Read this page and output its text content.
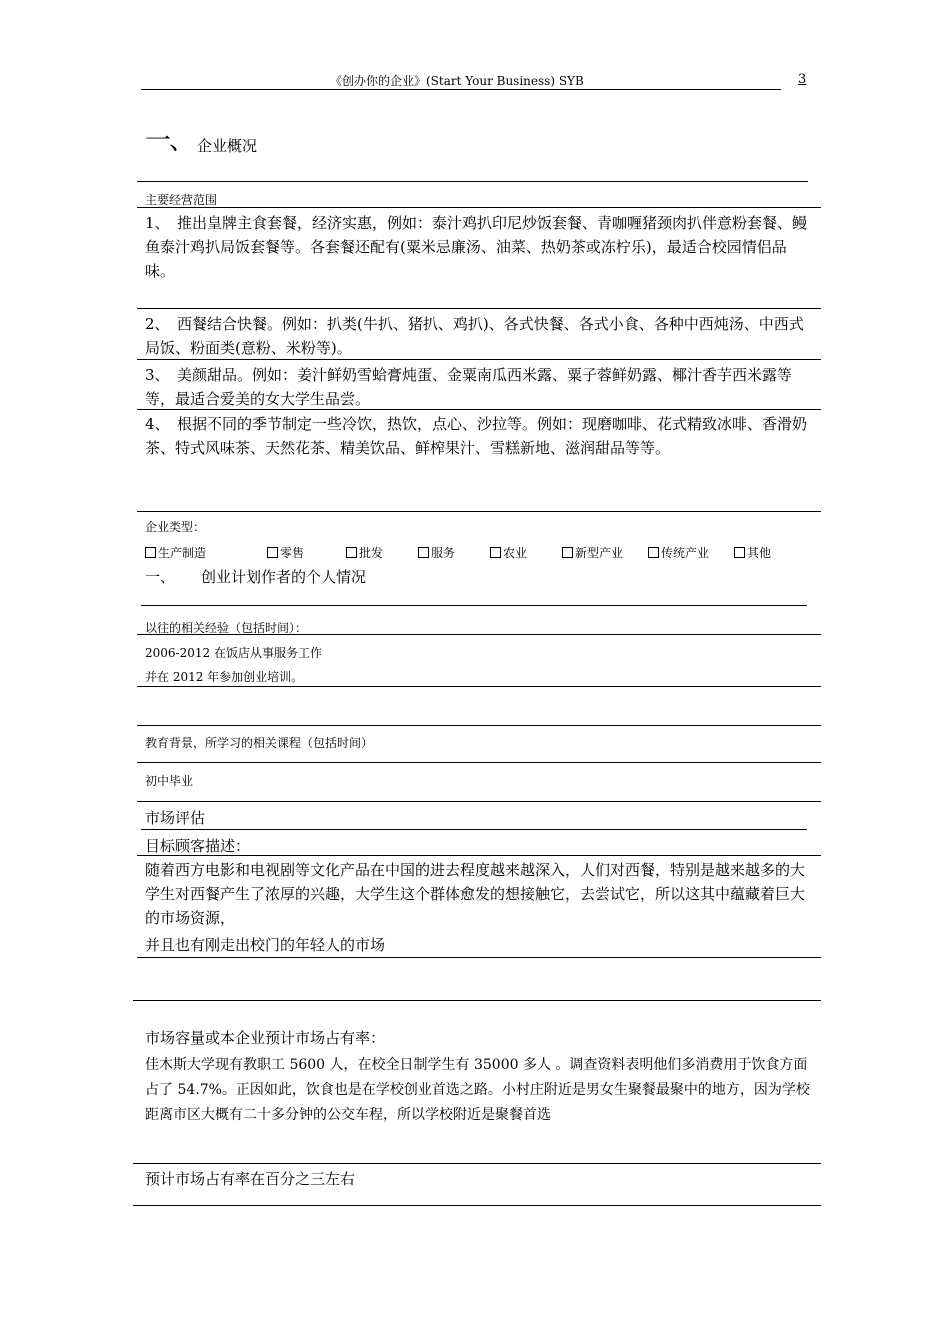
《创办你的企业》(Start Your Business) SYB	3
一、 企业概况
主要经营范围
1、　推出皇牌主食套餐，经济实惠，例如：泰汁鸡扒印尼炒饭套餐、青咖喱猪颈肉扒伴意粉套餐、鳗鱼泰汁鸡扒局饭套餐等。各套餐还配有(粟米忌廉汤、油菜、热奶茶或冻柠乐)，最适合校园情侣品味。
2、　西餐结合快餐。例如：扒类(牛扒、猪扒、鸡扒)、各式快餐、各式小食、各种中西炖汤、中西式局饭、粉面类(意粉、米粉等)。
3、　美颜甜品。例如：姜汁鲜奶雪蛤膏炖蛋、金粟南瓜西米露、粟子蓉鲜奶露、椰汁香芋西米露等等，最适合爱美的女大学生品尝。
4、　根据不同的季节制定一些冷饮，热饮，点心、沙拉等。例如：现磨咖啡、花式精致冰啡、香滑奶茶、特式风味茶、天然花茶、精美饮品、鲜榨果汁、雪糕新地、滋润甜品等等。
企业类型：
生产制造	零售	批发	服务	农业	新型产业	传统产业	其他
一、 创业计划作者的个人情况
以往的相关经验（包括时间）：
2006-2012 在饭店从事服务工作
并在 2012 年参加创业培训。
教育背景，所学习的相关课程（包括时间）
初中毕业
市场评估
目标顾客描述：
随着西方电影和电视剧等文化产品在中国的进去程度越来越深入，人们对西餐，特别是越来越多的大学生对西餐产生了浓厚的兴趣，大学生这个群体愈发的想接触它，去尝试它，所以这其中蕴藏着巨大的市场资源，
并且也有刚走出校门的年轻人的市场
市场容量或本企业预计市场占有率：
佳木斯大学现有教职工 5600 人，在校全日制学生有 35000 多人 。调查资料表明他们多消费用于饮食方面占了 54.7%。正因如此，饮食也是在学校创业首选之路。小村庄附近是男女生聚餐最聚中的地方，因为学校距离市区大概有二十多分钟的公交车程，所以学校附近是聚餐首选
预计市场占有率在百分之三左右
